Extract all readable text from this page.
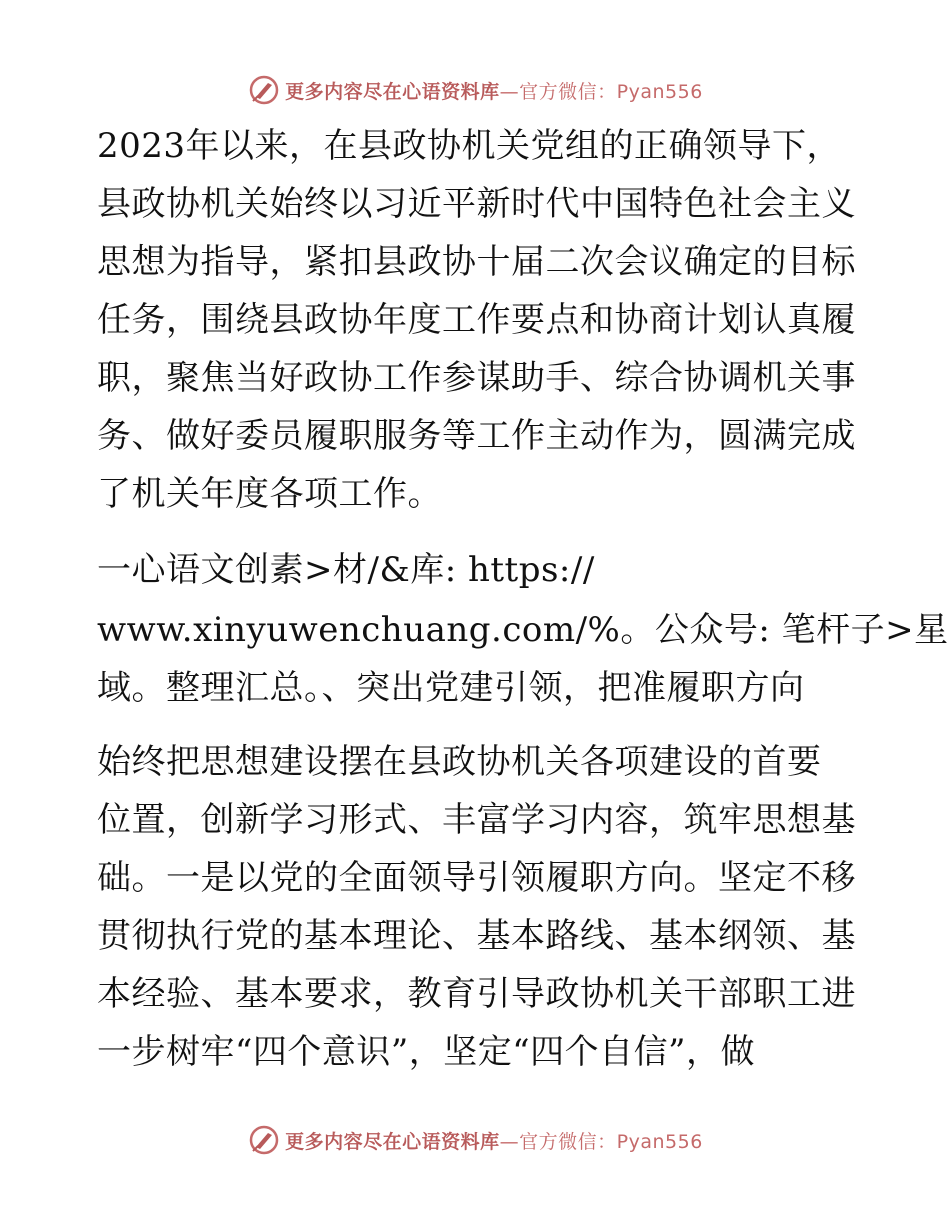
更多内容尽在心语资料库—官方微信：Pyan556
2023年以来，在县政协机关党组的正确领导下，
县政协机关始终以习近平新时代中国特色社会主义
思想为指导，紧扣县政协十届二次会议确定的目标
任务，围绕县政协年度工作要点和协商计划认真履
职，聚焦当好政协工作参谋助手、综合协调机关事
务、做好委员履职服务等工作主动作为，圆满完成
了机关年度各项工作。
一心语文创素>材/&库: https://
www.xinyuwenchuang.com/%。公众号: 笔杆子>星
域。整理汇总。、突出党建引领，把准履职方向
始终把思想建设摆在县政协机关各项建设的首要
位置，创新学习形式、丰富学习内容，筑牢思想基
础。一是以党的全面领导引领履职方向。坚定不移
贯彻执行党的基本理论、基本路线、基本纲领、基
本经验、基本要求，教育引导政协机关干部职工进
一步树牢“四个意识”，坚定“四个自信”，做
更多内容尽在心语资料库—官方微信：Pyan556
